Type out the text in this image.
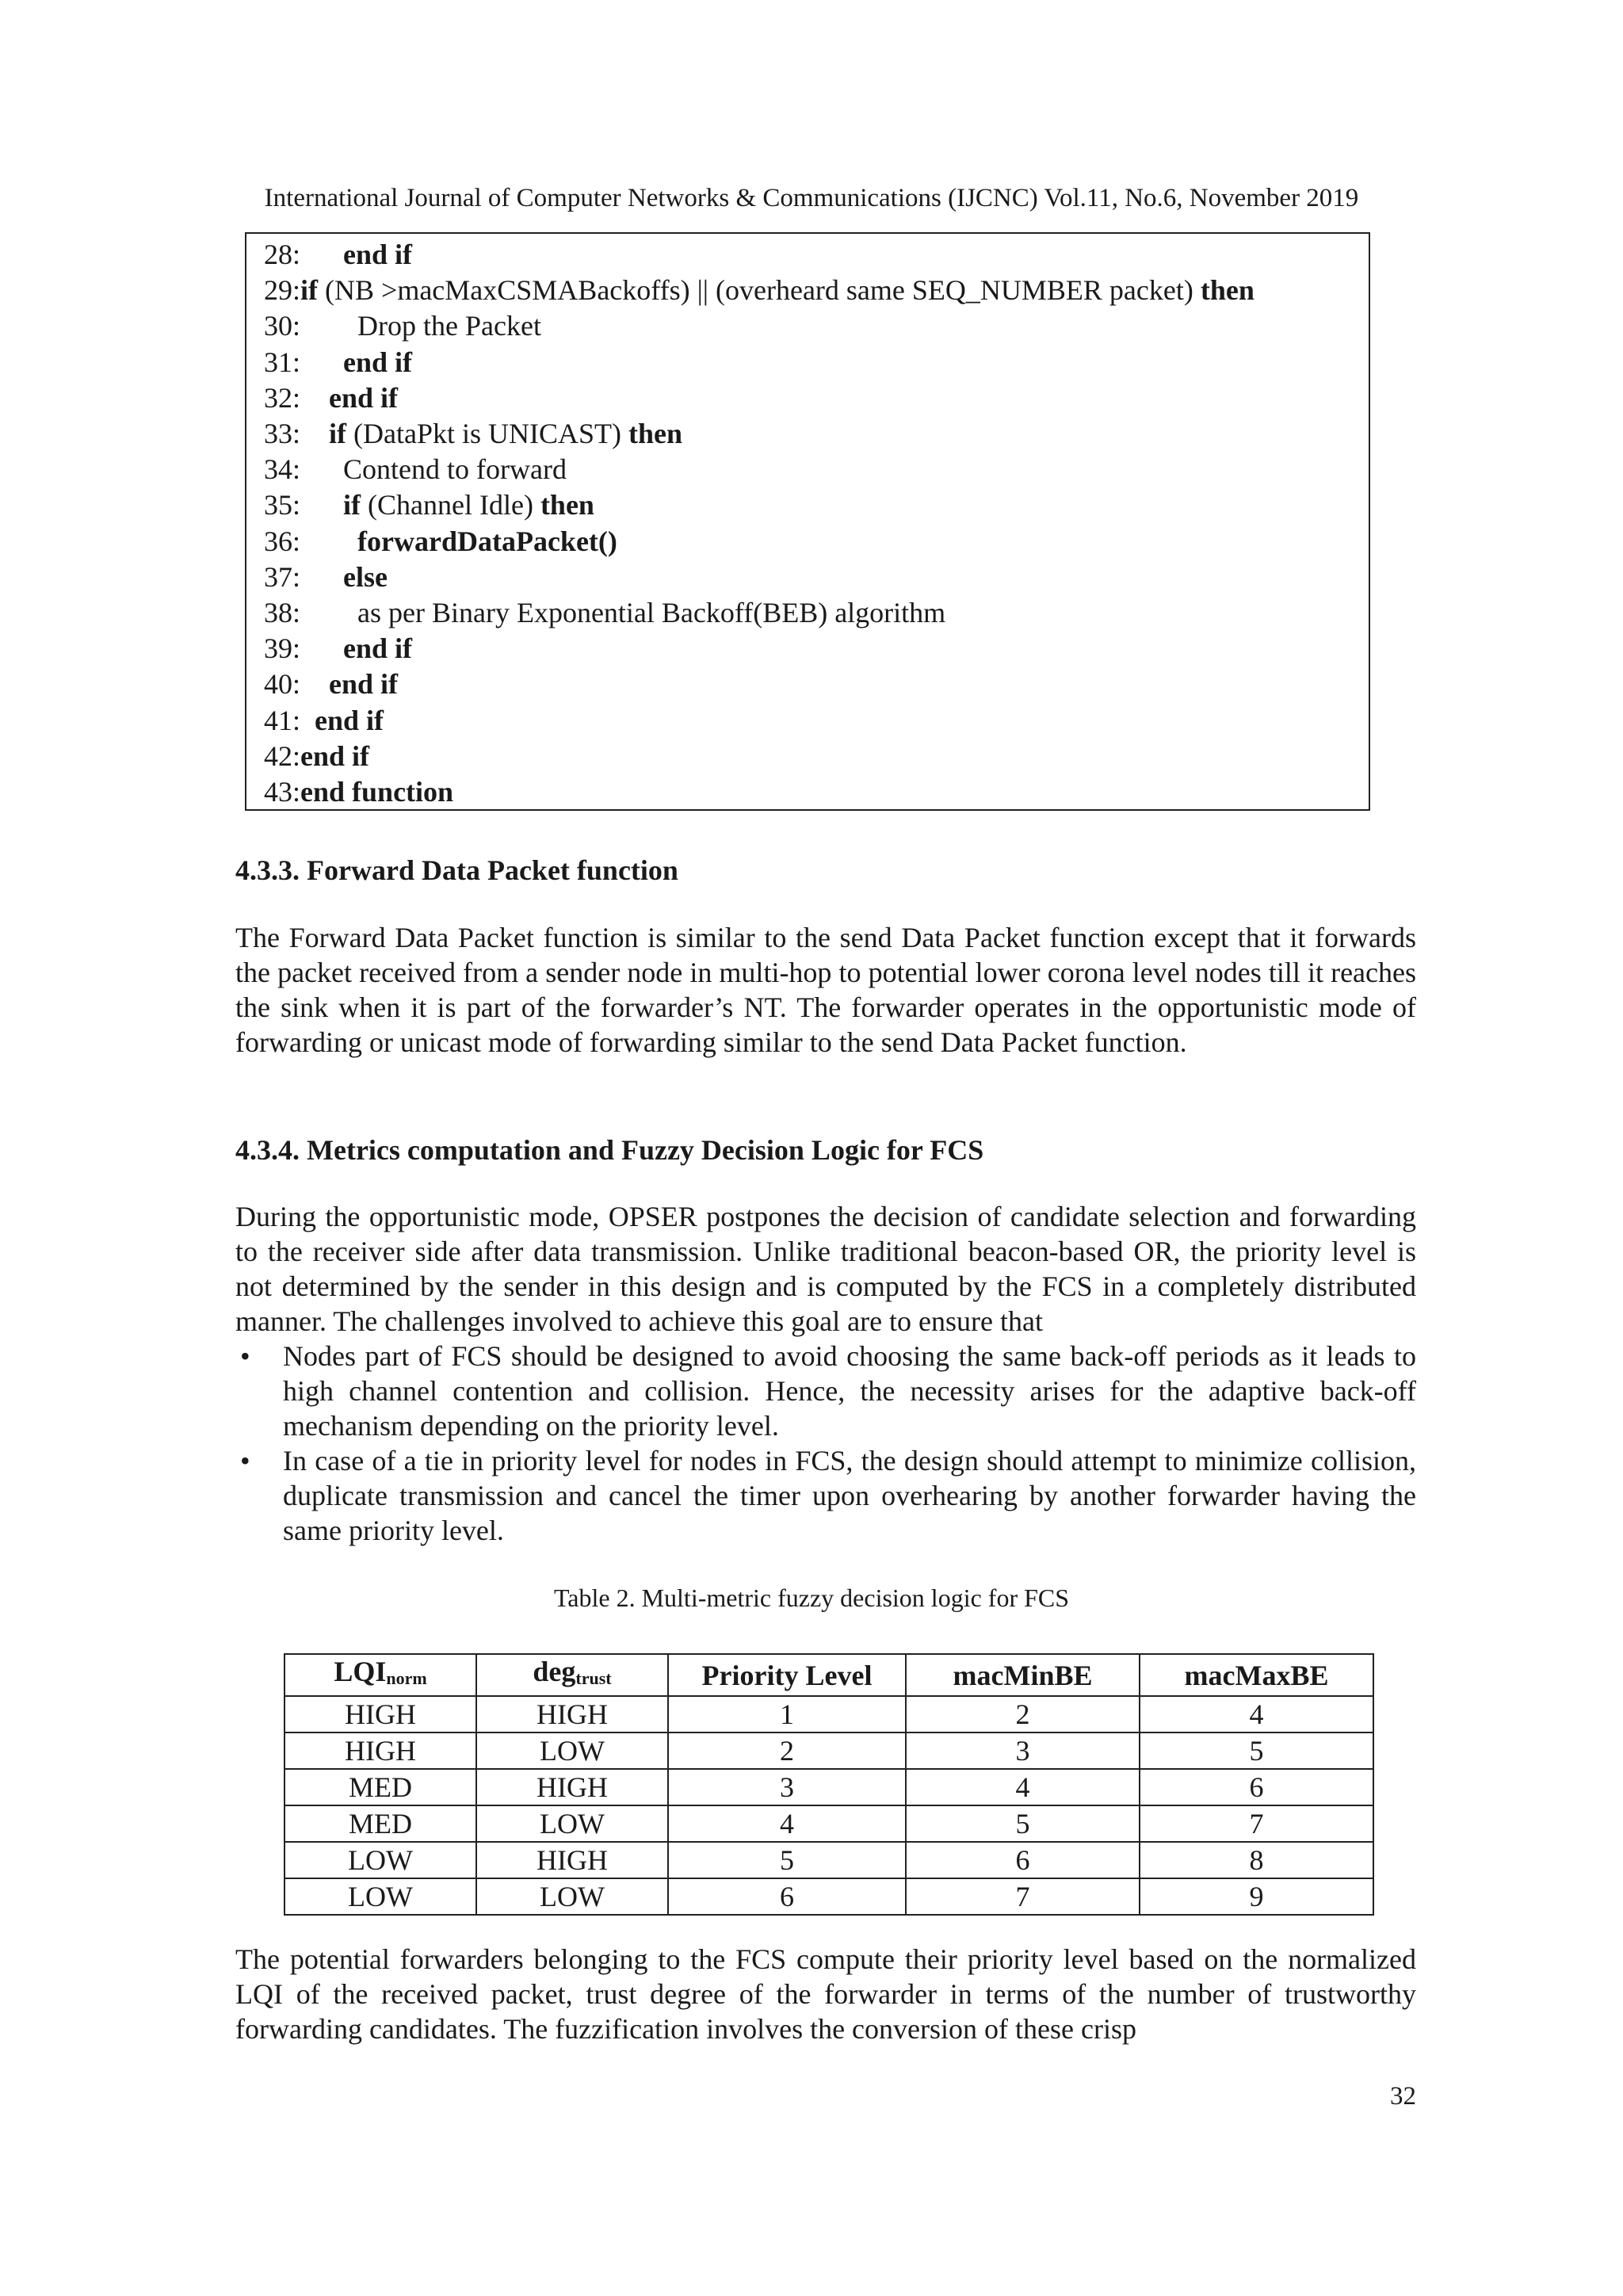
International Journal of Computer Networks & Communications (IJCNC) Vol.11, No.6, November 2019
28: end if
29:if (NB >macMaxCSMABackoffs) || (overheard same SEQ_NUMBER packet) then
30:        Drop the Packet
31: end if
32: end if
33: if (DataPkt is UNICAST) then
34:      Contend to forward
35: if (Channel Idle) then
36: forwardDataPacket()
37: else
38:        as per Binary Exponential Backoff(BEB) algorithm
39: end if
40: end if
41: end if
42:end if
43:end function
4.3.3. Forward Data Packet function

The Forward Data Packet function is similar to the send Data Packet function except that it forwards the packet received from a sender node in multi-hop to potential lower corona level nodes till it reaches the sink when it is part of the forwarder’s NT. The forwarder operates in the opportunistic mode of forwarding or unicast mode of forwarding similar to the send Data Packet function.

4.3.4. Metrics computation and Fuzzy Decision Logic for FCS

During the opportunistic mode, OPSER postpones the decision of candidate selection and forwarding to the receiver side after data transmission. Unlike traditional beacon-based OR, the priority level is not determined by the sender in this design and is computed by the FCS in a completely distributed manner. The challenges involved to achieve this goal are to ensure that

• Nodes part of FCS should be designed to avoid choosing the same back-off periods as it leads to high channel contention and collision. Hence, the necessity arises for the adaptive back-off mechanism depending on the priority level.
• In case of a tie in priority level for nodes in FCS, the design should attempt to minimize collision, duplicate transmission and cancel the timer upon overhearing by another forwarder having the same priority level.
Table 2. Multi-metric fuzzy decision logic for FCS
$LQI_{norm}$	deg$_{trust}$	Priority Level	macMinBE	macMaxBE
HIGH	HIGH	1	2	4
HIGH	LOW	2	3	5
MED	HIGH	3	4	6
MED	LOW	4	5	7
LOW	HIGH	5	6	8
LOW	LOW	6	7	9

The potential forwarders belonging to the FCS compute their priority level based on the normalized LQI of the received packet, trust degree of the forwarder in terms of the number of trustworthy forwarding candidates. The fuzzification involves the conversion of these crisp

32
